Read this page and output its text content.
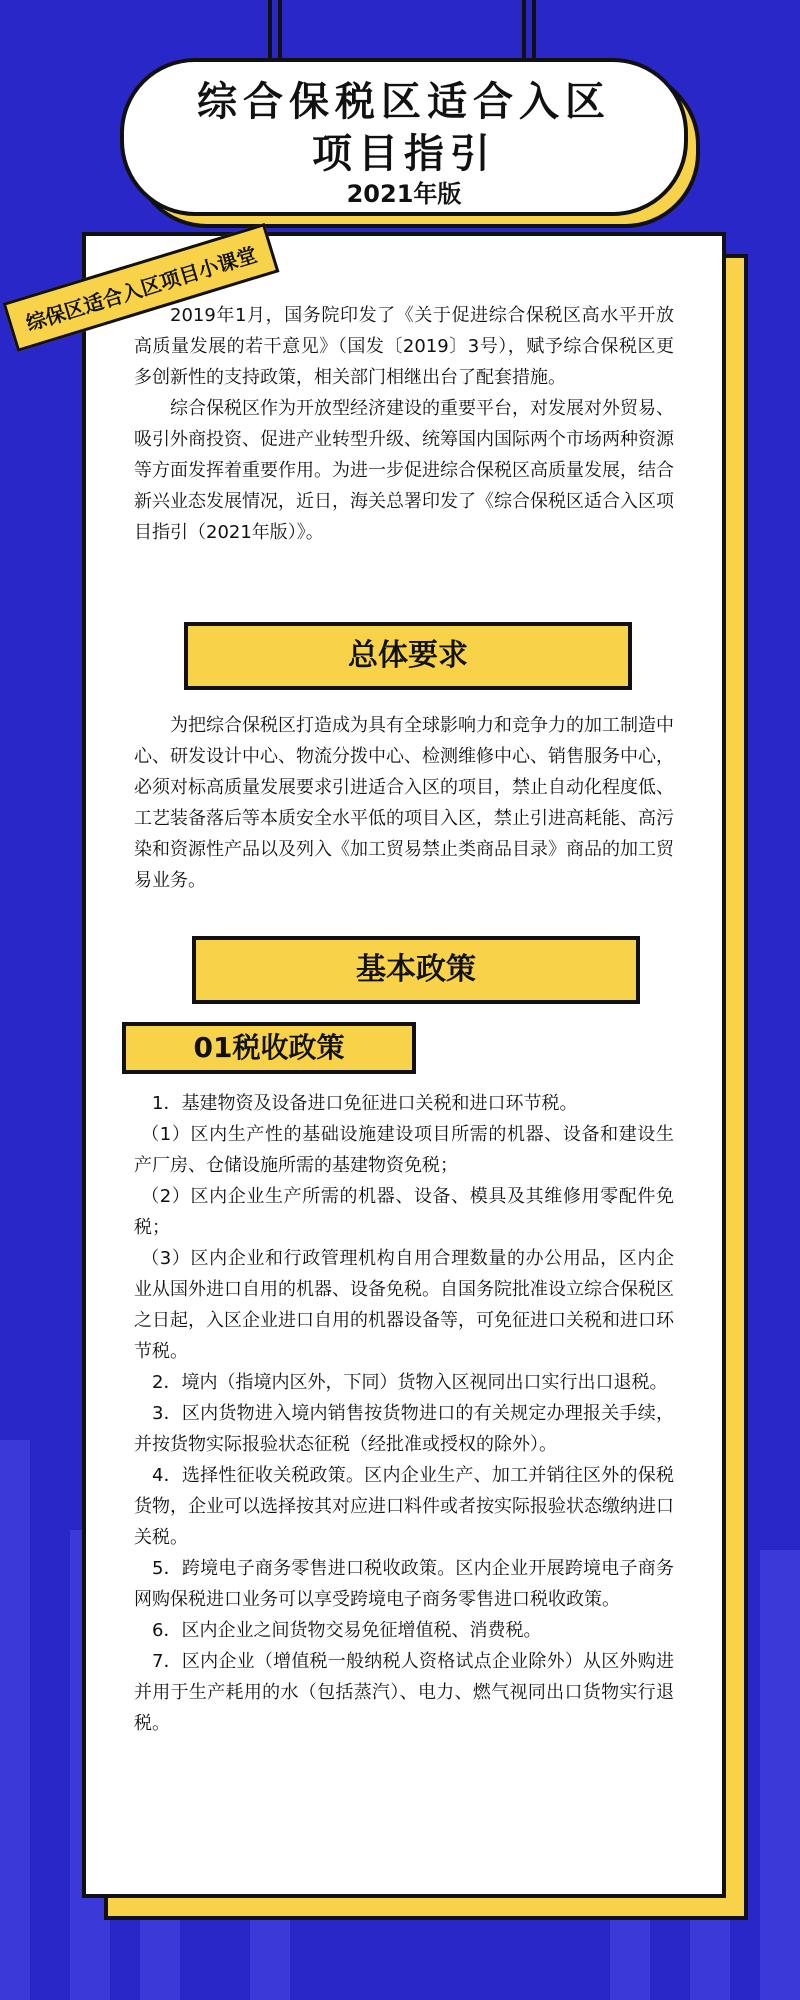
综合保税区适合入区
项目指引
2021年版
综保区适合入区项目小课堂

2019年1月，国务院印发了《关于促进综合保税区高水平开放高质量发展的若干意见》（国发〔2019〕3号），赋予综合保税区更多创新性的支持政策，相关部门相继出台了配套措施。

综合保税区作为开放型经济建设的重要平台，对发展对外贸易、吸引外商投资、促进产业转型升级、统筹国内国际两个市场两种资源等方面发挥着重要作用。为进一步促进综合保税区高质量发展，结合新兴业态发展情况，近日，海关总署印发了《综合保税区适合入区项目指引（2021年版）》。

总体要求

为把综合保税区打造成为具有全球影响力和竞争力的加工制造中心、研发设计中心、物流分拨中心、检测维修中心、销售服务中心，必须对标高质量发展要求引进适合入区的项目，禁止自动化程度低、工艺装备落后等本质安全水平低的项目入区，禁止引进高耗能、高污染和资源性产品以及列入《加工贸易禁止类商品目录》商品的加工贸易业务。

基本政策
01税收政策

1．基建物资及设备进口免征进口关税和进口环节税。

（1）区内生产性的基础设施建设项目所需的机器、设备和建设生产厂房、仓储设施所需的基建物资免税；

（2）区内企业生产所需的机器、设备、模具及其维修用零配件免税；

（3）区内企业和行政管理机构自用合理数量的办公用品，区内企业从国外进口自用的机器、设备免税。自国务院批准设立综合保税区之日起，入区企业进口自用的机器设备等，可免征进口关税和进口环节税。

2．境内（指境内区外，下同）货物入区视同出口实行出口退税。

3．区内货物进入境内销售按货物进口的有关规定办理报关手续，并按货物实际报验状态征税（经批准或授权的除外）。

4．选择性征收关税政策。区内企业生产、加工并销往区外的保税货物，企业可以选择按其对应进口料件或者按实际报验状态缴纳进口关税。

5．跨境电子商务零售进口税收政策。区内企业开展跨境电子商务网购保税进口业务可以享受跨境电子商务零售进口税收政策。

6．区内企业之间货物交易免征增值税、消费税。

7．区内企业（增值税一般纳税人资格试点企业除外）从区外购进并用于生产耗用的水（包括蒸汽）、电力、燃气视同出口货物实行退税。
